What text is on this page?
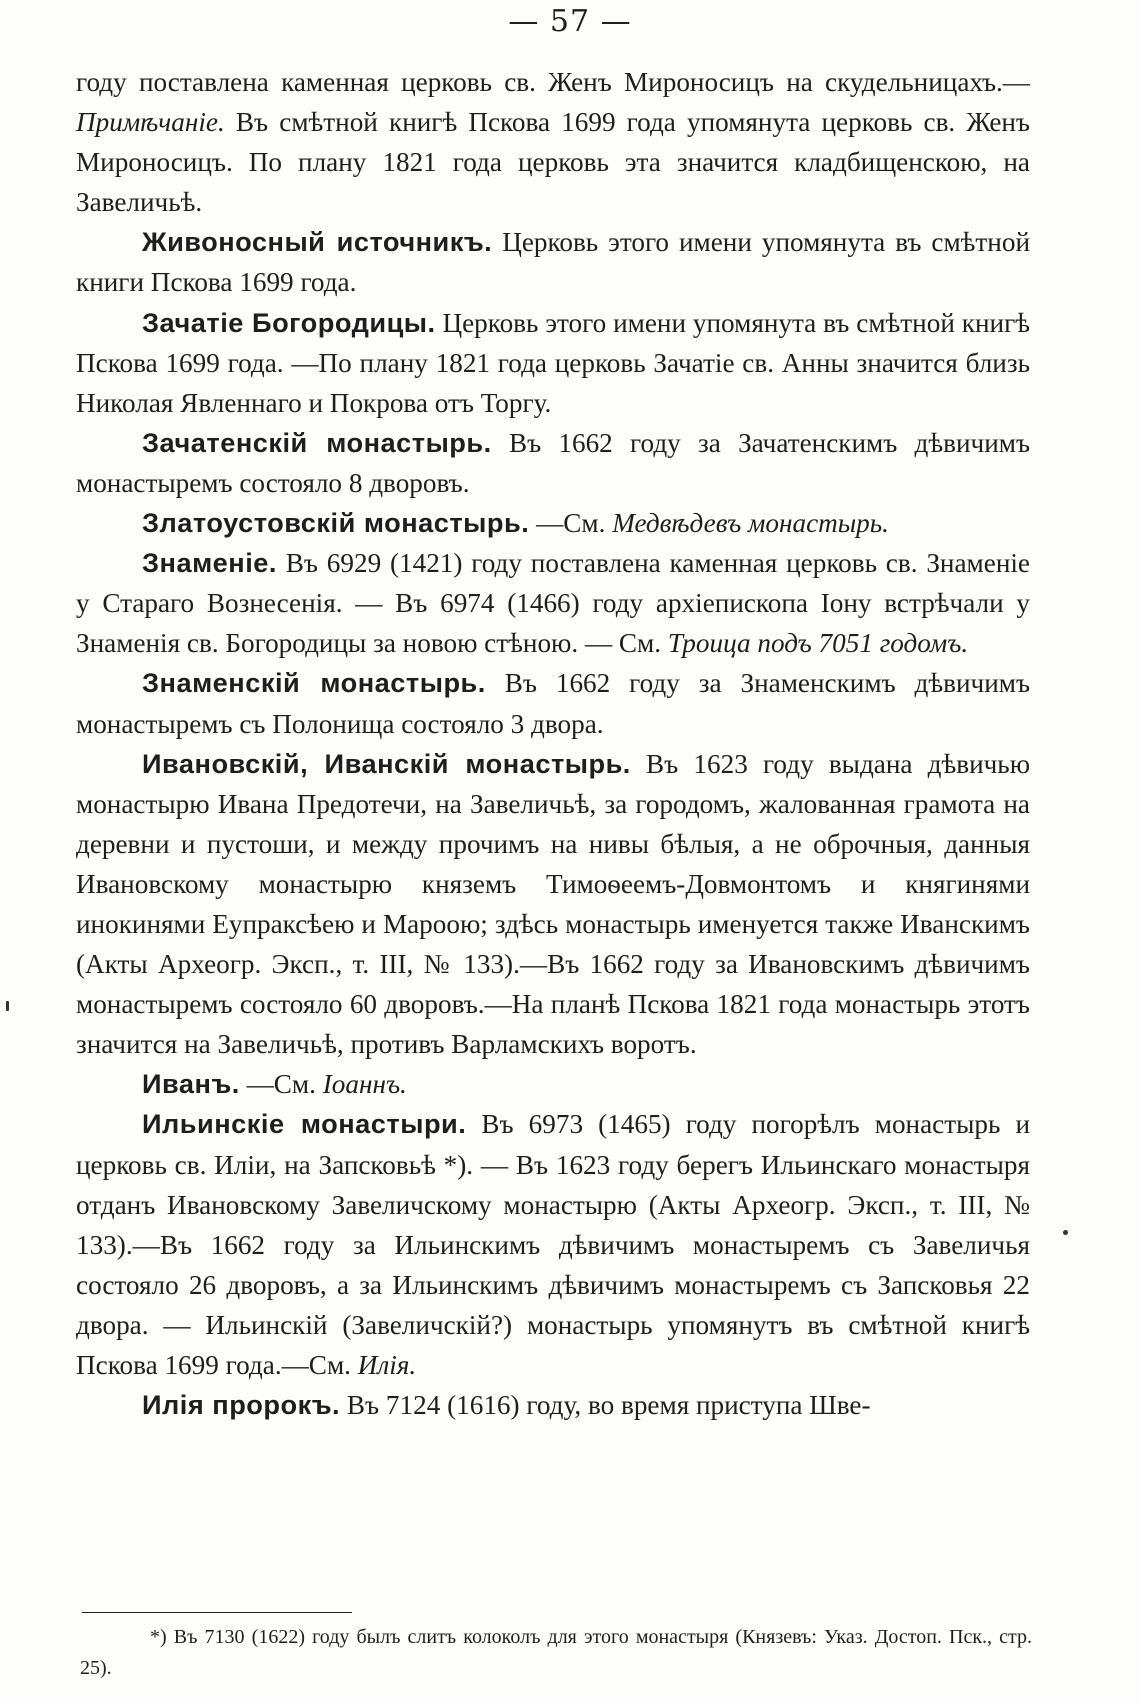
— 57 —

году поставлена каменная церковь св. Женъ Мироносицъ на скудельницахъ.—Примѣчаніе. Въ смѣтной книгѣ Пскова 1699 года упомянута церковь св. Женъ Мироносицъ. По плану 1821 года церковь эта значится кладбищенскою, на Завеличьѣ.

Живоносный источникъ. Церковь этого имени упомянута въ смѣтной книги Пскова 1699 года.

Зачатіе Богородицы. Церковь этого имени упомянута въ смѣтной книгѣ Пскова 1699 года. —По плану 1821 года церковь Зачатіе св. Анны значится близь Николая Явленнаго и Покрова отъ Торгу.

Зачатенскій монастырь. Въ 1662 году за Зачатенскимъ дѣвичимъ монастыремъ состояло 8 дворовъ.

Златоустовскій монастырь. —См. Медвѣдевъ монастырь.

Знаменіе. Въ 6929 (1421) году поставлена каменная церковь св. Знаменіе у Стараго Вознесенія. — Въ 6974 (1466) году архіепископа Іону встрѣчали у Знаменія св. Богородицы за новою стѣною. — См. Троица подъ 7051 годомъ.

Знаменскій монастырь. Въ 1662 году за Знаменскимъ дѣвичимъ монастыремъ съ Полонища состояло 3 двора.

Ивановскій, Иванскій монастырь. Въ 1623 году выдана дѣвичью монастырю Ивана Предотечи, на Завеличьѣ, за городомъ, жалованная грамота на деревни и пустоши, и между прочимъ на нивы бѣлыя, а не оброчныя, данныя Ивановскому монастырю княземъ Тимоѳеемъ-Довмонтомъ и княгинями инокинями Еупраксѣею и Мароою; здѣсь монастырь именуется также Иванскимъ (Акты Археогр. Эксп., т. III, № 133).—Въ 1662 году за Ивановскимъ дѣвичимъ монастыремъ состояло 60 дворовъ.—На планѣ Пскова 1821 года монастырь этотъ значится на Завеличьѣ, противъ Варламскихъ воротъ.

Иванъ. —См. Іоаннъ.

Ильинскіе монастыри. Въ 6973 (1465) году погорѣлъ монастырь и церковь св. Иліи, на Запсковьѣ *). — Въ 1623 году берегъ Ильинскаго монастыря отданъ Ивановскому Завеличскому монастырю (Акты Археогр. Эксп., т. III, № 133).—Въ 1662 году за Ильинскимъ дѣвичимъ монастыремъ съ Завеличья состояло 26 дворовъ, а за Ильинскимъ дѣвичимъ монастыремъ съ Запсковья 22 двора. — Ильинскій (Завеличскій?) монастырь упомянутъ въ смѣтной книгѣ Пскова 1699 года.—См. Илія.

Илія пророкъ. Въ 7124 (1616) году, во время приступа Шве-

*) Въ 7130 (1622) году былъ слитъ колоколъ для этого монастыря (Князевъ: Указ. Достоп. Пск., стр. 25).
